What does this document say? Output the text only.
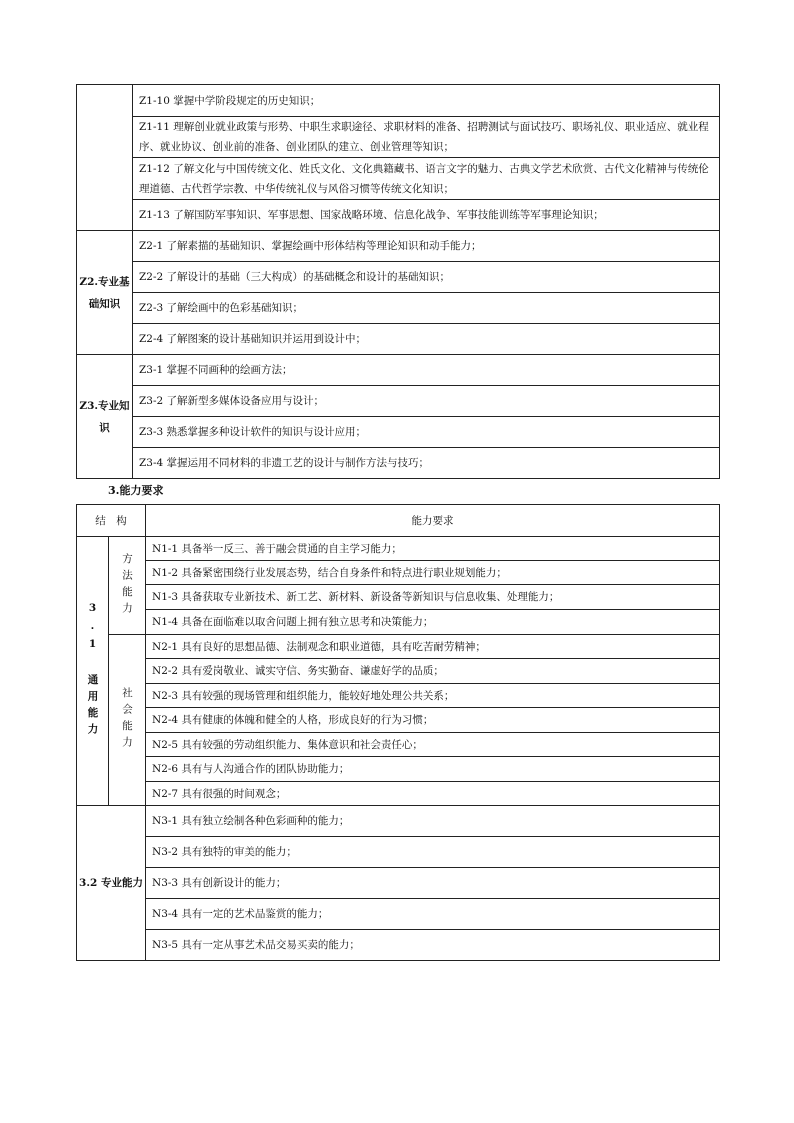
	Z1-10 掌握中学阶段规定的历史知识；
	Z1-11 理解创业就业政策与形势、中职生求职途径、求职材料的准备、招聘测试与面试技巧、职场礼仪、职业适应、就业程序、就业协议、创业前的准备、创业团队的建立、创业管理等知识；
	Z1-12 了解文化与中国传统文化、姓氏文化、文化典籍藏书、语言文字的魅力、古典文学艺术欣赏、古代文化精神与传统伦理道德、古代哲学宗教、中华传统礼仪与风俗习惯等传统文化知识；
	Z1-13 了解国防军事知识、军事思想、国家战略环境、信息化战争、军事技能训练等军事理论知识；
Z2.专业基础知识	Z2-1 了解素描的基础知识、掌握绘画中形体结构等理论知识和动手能力；
	Z2-2 了解设计的基础（三大构成）的基础概念和设计的基础知识；
	Z2-3 了解绘画中的色彩基础知识；
	Z2-4 了解图案的设计基础知识并运用到设计中；
Z3.专业知识	Z3-1 掌握不同画种的绘画方法；
	Z3-2 了解新型多媒体设备应用与设计；
	Z3-3 熟悉掌握多种设计软件的知识与设计应用；
	Z3-4 掌握运用不同材料的非遗工艺的设计与制作方法与技巧；
3.能力要求
结　构		能力要求
3.1 通用能力	方法能力	N1-1 具备举一反三、善于融会贯通的自主学习能力；
		N1-2 具备紧密围绕行业发展态势，结合自身条件和特点进行职业规划能力；
		N1-3 具备获取专业新技术、新工艺、新材料、新设备等新知识与信息收集、处理能力；
		N1-4 具备在面临难以取舍问题上拥有独立思考和决策能力；
	社会能力	N2-1 具有良好的思想品德、法制观念和职业道德，具有吃苦耐劳精神；
		N2-2 具有爱岗敬业、诚实守信、务实勤奋、谦虚好学的品质；
		N2-3 具有较强的现场管理和组织能力，能较好地处理公共关系；
		N2-4 具有健康的体魄和健全的人格，形成良好的行为习惯；
		N2-5 具有较强的劳动组织能力、集体意识和社会责任心；
		N2-6 具有与人沟通合作的团队协助能力；
		N2-7 具有很强的时间观念；
3.2 专业能力		N3-1 具有独立绘制各种色彩画种的能力；
		N3-2 具有独特的审美的能力；
		N3-3 具有创新设计的能力；
		N3-4 具有一定的艺术品鉴赏的能力；
		N3-5 具有一定从事艺术品交易买卖的能力；
